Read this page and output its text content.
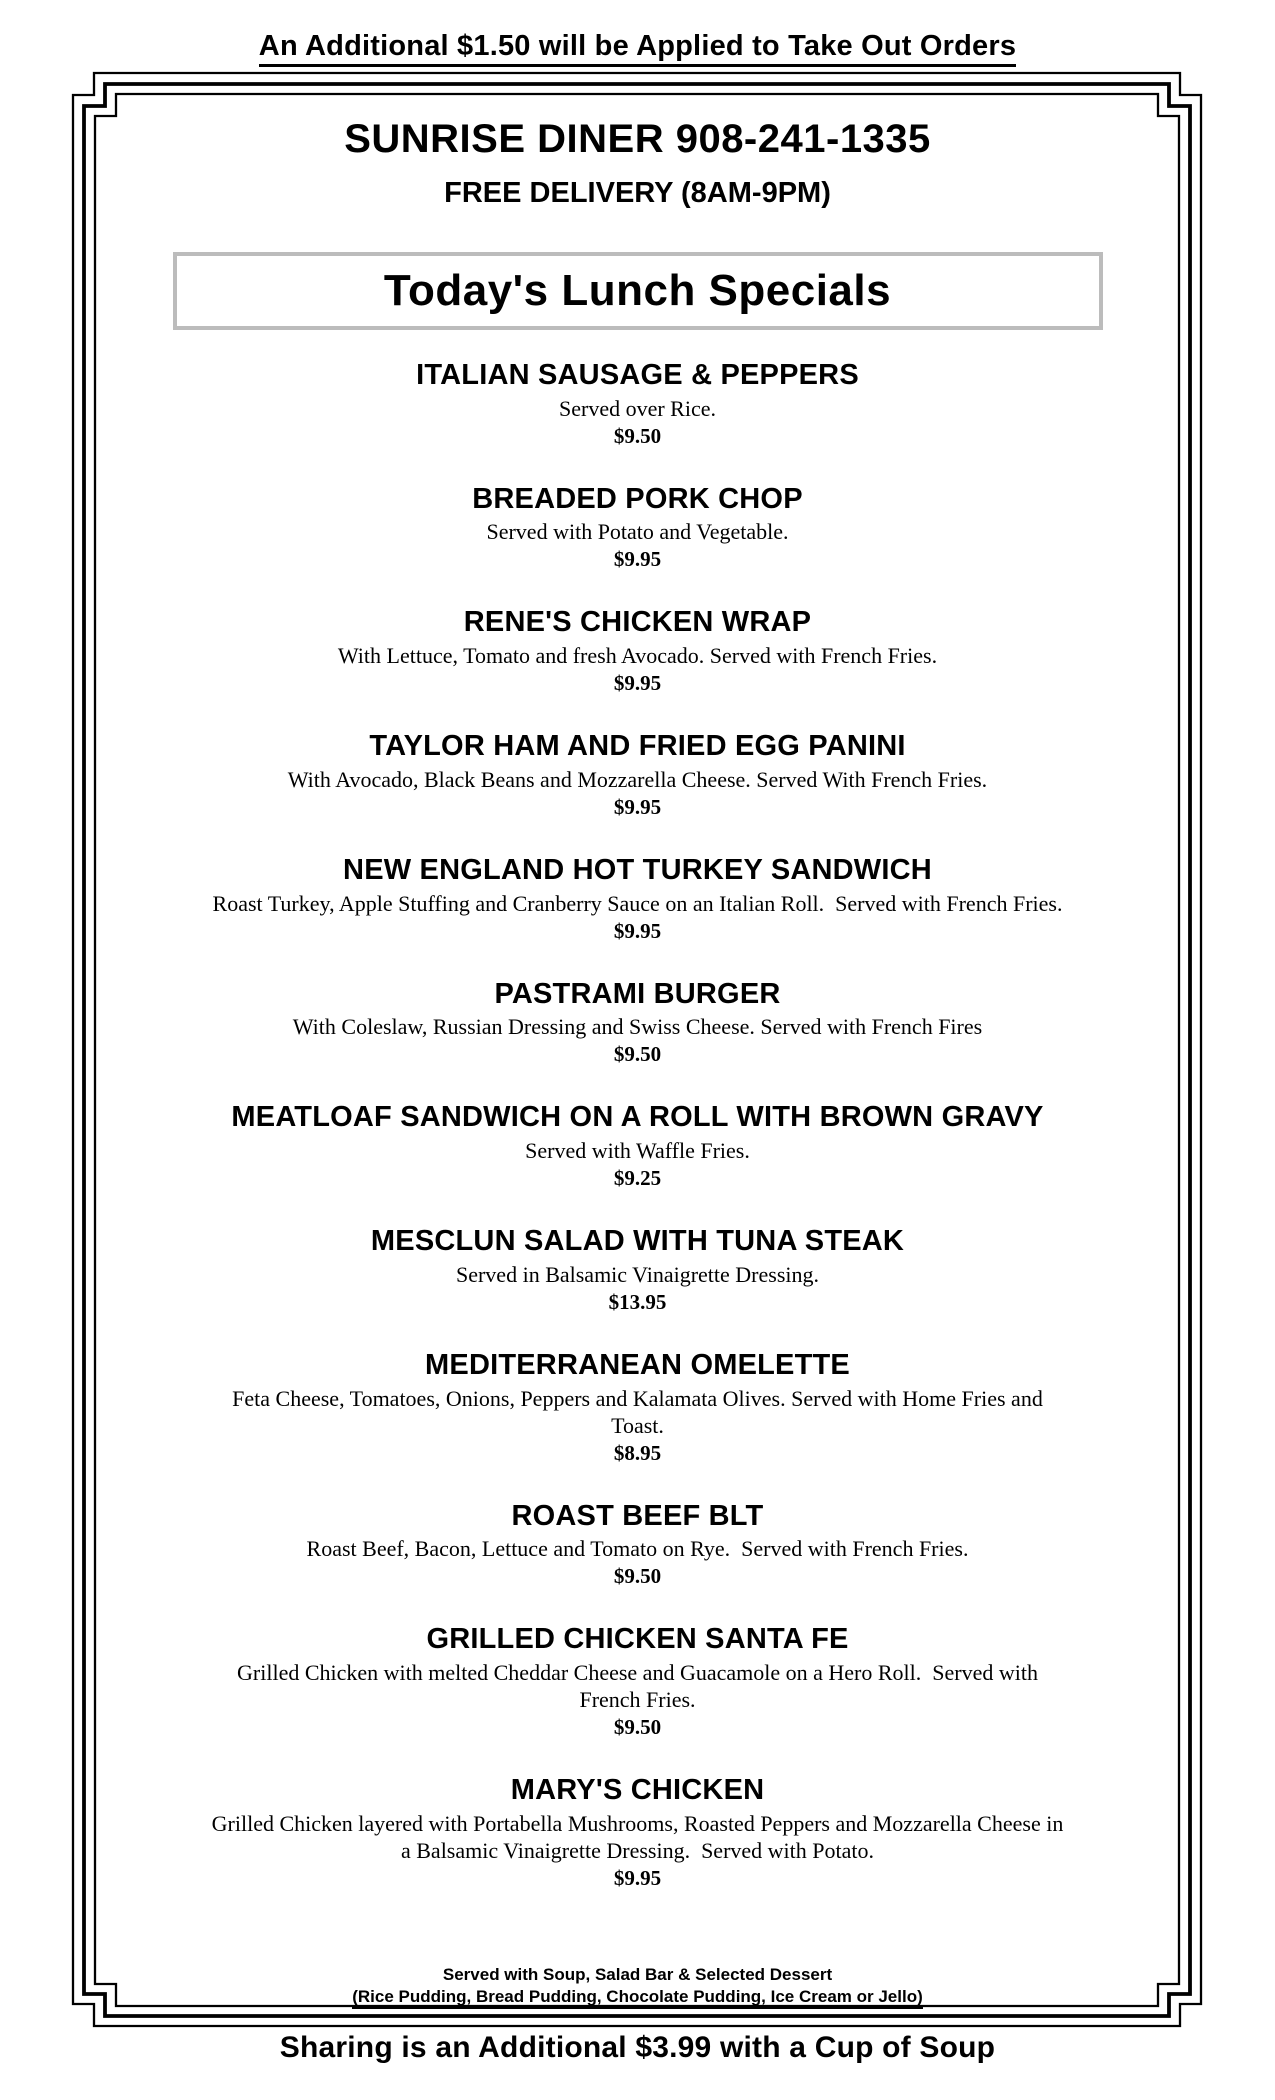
An Additional $1.50 will be Applied to Take Out Orders
SUNRISE DINER 908-241-1335
FREE DELIVERY (8AM-9PM)
Today's Lunch Specials
ITALIAN SAUSAGE & PEPPERS
Served over Rice.
$9.50
BREADED PORK CHOP
Served with Potato and Vegetable.
$9.95
RENE'S CHICKEN WRAP
With Lettuce, Tomato and fresh Avocado. Served with French Fries.
$9.95
TAYLOR HAM AND FRIED EGG PANINI
With Avocado, Black Beans and Mozzarella Cheese. Served With French Fries.
$9.95
NEW ENGLAND HOT TURKEY SANDWICH
Roast Turkey, Apple Stuffing and Cranberry Sauce on an Italian Roll.  Served with French Fries.
$9.95
PASTRAMI BURGER
With Coleslaw, Russian Dressing and Swiss Cheese. Served with French Fires
$9.50
MEATLOAF SANDWICH ON A ROLL WITH BROWN GRAVY
Served with Waffle Fries.
$9.25
MESCLUN SALAD WITH TUNA STEAK
Served in Balsamic Vinaigrette Dressing.
$13.95
MEDITERRANEAN OMELETTE
Feta Cheese, Tomatoes, Onions, Peppers and Kalamata Olives. Served with Home Fries and Toast.
$8.95
ROAST BEEF BLT
Roast Beef, Bacon, Lettuce and Tomato on Rye.  Served with French Fries.
$9.50
GRILLED CHICKEN SANTA FE
Grilled Chicken with melted Cheddar Cheese and Guacamole on a Hero Roll.  Served with French Fries.
$9.50
MARY'S CHICKEN
Grilled Chicken layered with Portabella Mushrooms, Roasted Peppers and Mozzarella Cheese in a Balsamic Vinaigrette Dressing.  Served with Potato.
$9.95
Served with Soup, Salad Bar & Selected Dessert
(Rice Pudding, Bread Pudding, Chocolate Pudding, Ice Cream or Jello)
Sharing is an Additional $3.99 with a Cup of Soup
